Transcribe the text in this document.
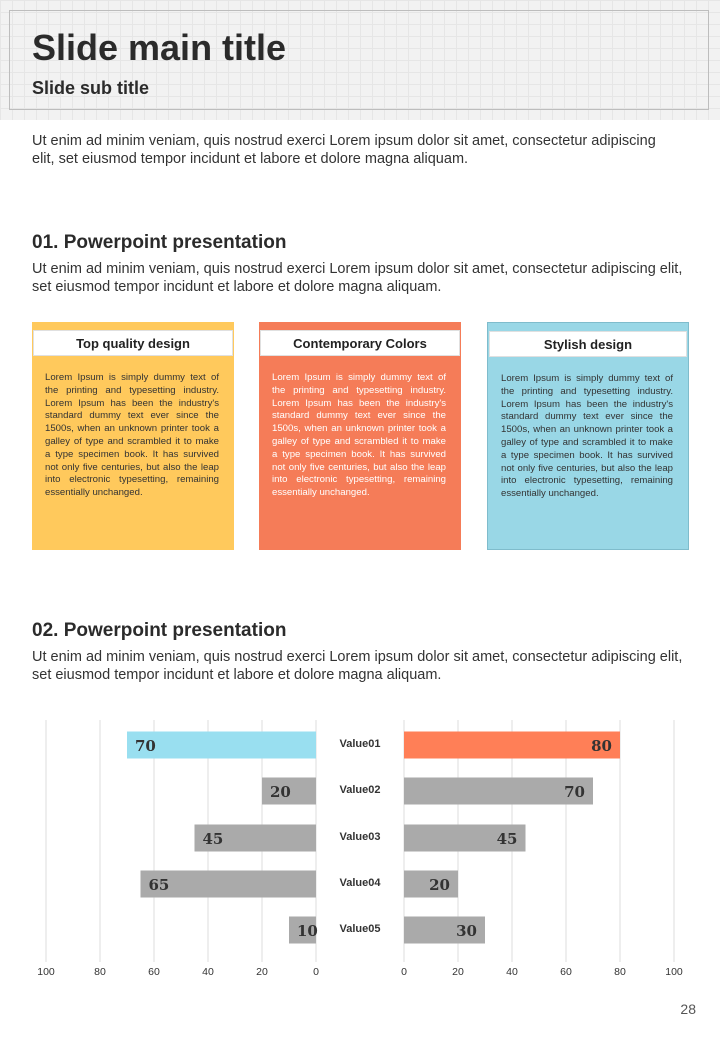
Slide main title
Slide sub title
Ut enim ad minim veniam, quis nostrud exerci Lorem ipsum dolor sit amet, consectetur adipiscing elit, set eiusmod tempor incidunt et labore et dolore magna aliquam.
01. Powerpoint presentation
Ut enim ad minim veniam, quis nostrud exerci Lorem ipsum dolor sit amet, consectetur adipiscing elit, set eiusmod tempor incidunt et labore et dolore magna aliquam.
Top quality design
Lorem Ipsum is simply dummy text of the printing and typesetting industry. Lorem Ipsum has been the industry's standard dummy text ever since the 1500s, when an unknown printer took a galley of type and scrambled it to make a type specimen book. It has survived not only five centuries, but also the leap into electronic typesetting, remaining essentially unchanged.
Contemporary Colors
Lorem Ipsum is simply dummy text of the printing and typesetting industry. Lorem Ipsum has been the industry's standard dummy text ever since the 1500s, when an unknown printer took a galley of type and scrambled it to make a type specimen book. It has survived not only five centuries, but also the leap into electronic typesetting, remaining essentially unchanged.
Stylish design
Lorem Ipsum is simply dummy text of the printing and typesetting industry. Lorem Ipsum has been the industry's standard dummy text ever since the 1500s, when an unknown printer took a galley of type and scrambled it to make a type specimen book. It has survived not only five centuries, but also the leap into electronic typesetting, remaining essentially unchanged.
02. Powerpoint presentation
Ut enim ad minim veniam, quis nostrud exerci Lorem ipsum dolor sit amet, consectetur adipiscing elit, set eiusmod tempor incidunt et labore et dolore magna aliquam.
100	80	60	40	20	0	0	20	40	60	80	100
70	80
Value01
20	70
Value02
45	45
Value03
65	20
Value04
10	30
Value05
28
